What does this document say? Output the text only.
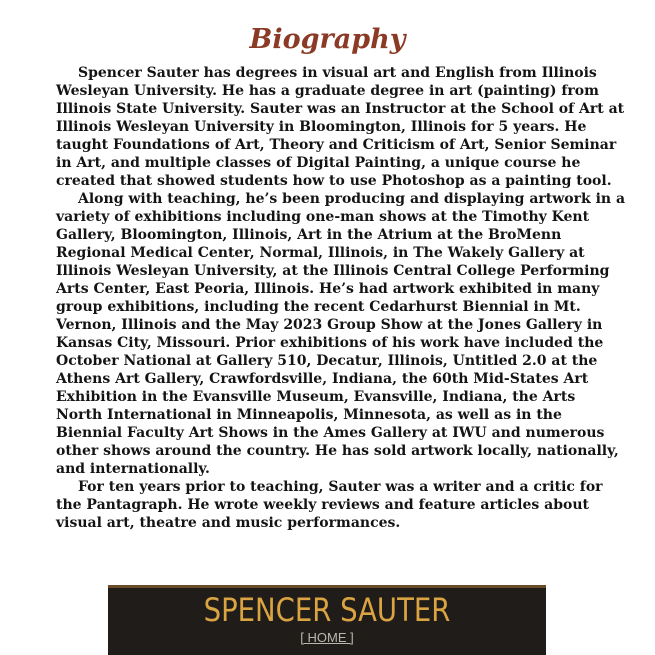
Biography

Spencer Sauter has degrees in visual art and English from Illinois Wesleyan University. He has a graduate degree in art (painting) from Illinois State University. Sauter was an Instructor at the School of Art at Illinois Wesleyan University in Bloomington, Illinois for 5 years. He taught Foundations of Art, Theory and Criticism of Art, Senior Seminar in Art, and multiple classes of Digital Painting, a unique course he created that showed students how to use Photoshop as a painting tool.

Along with teaching, he’s been producing and displaying artwork in a variety of exhibitions including one-man shows at the Timothy Kent Gallery, Bloomington, Illinois, Art in the Atrium at the BroMenn Regional Medical Center, Normal, Illinois, in The Wakely Gallery at Illinois Wesleyan University, at the Illinois Central College Performing Arts Center, East Peoria, Illinois. He’s had artwork exhibited in many group exhibitions, including the recent Cedarhurst Biennial in Mt. Vernon, Illinois and the May 2023 Group Show at the Jones Gallery in Kansas City, Missouri. Prior exhibitions of his work have included the October National at Gallery 510, Decatur, Illinois, Untitled 2.0 at the Athens Art Gallery, Crawfordsville, Indiana, the 60th Mid-States Art Exhibition in the Evansville Museum, Evansville, Indiana, the Arts North International in Minneapolis, Minnesota, as well as in the Biennial Faculty Art Shows in the Ames Gallery at IWU and numerous other shows around the country. He has sold artwork locally, nationally, and internationally.

For ten years prior to teaching, Sauter was a writer and a critic for the Pantagraph. He wrote weekly reviews and feature articles about visual art, theatre and music performances.

SPENCER SAUTER
[ HOME ]
